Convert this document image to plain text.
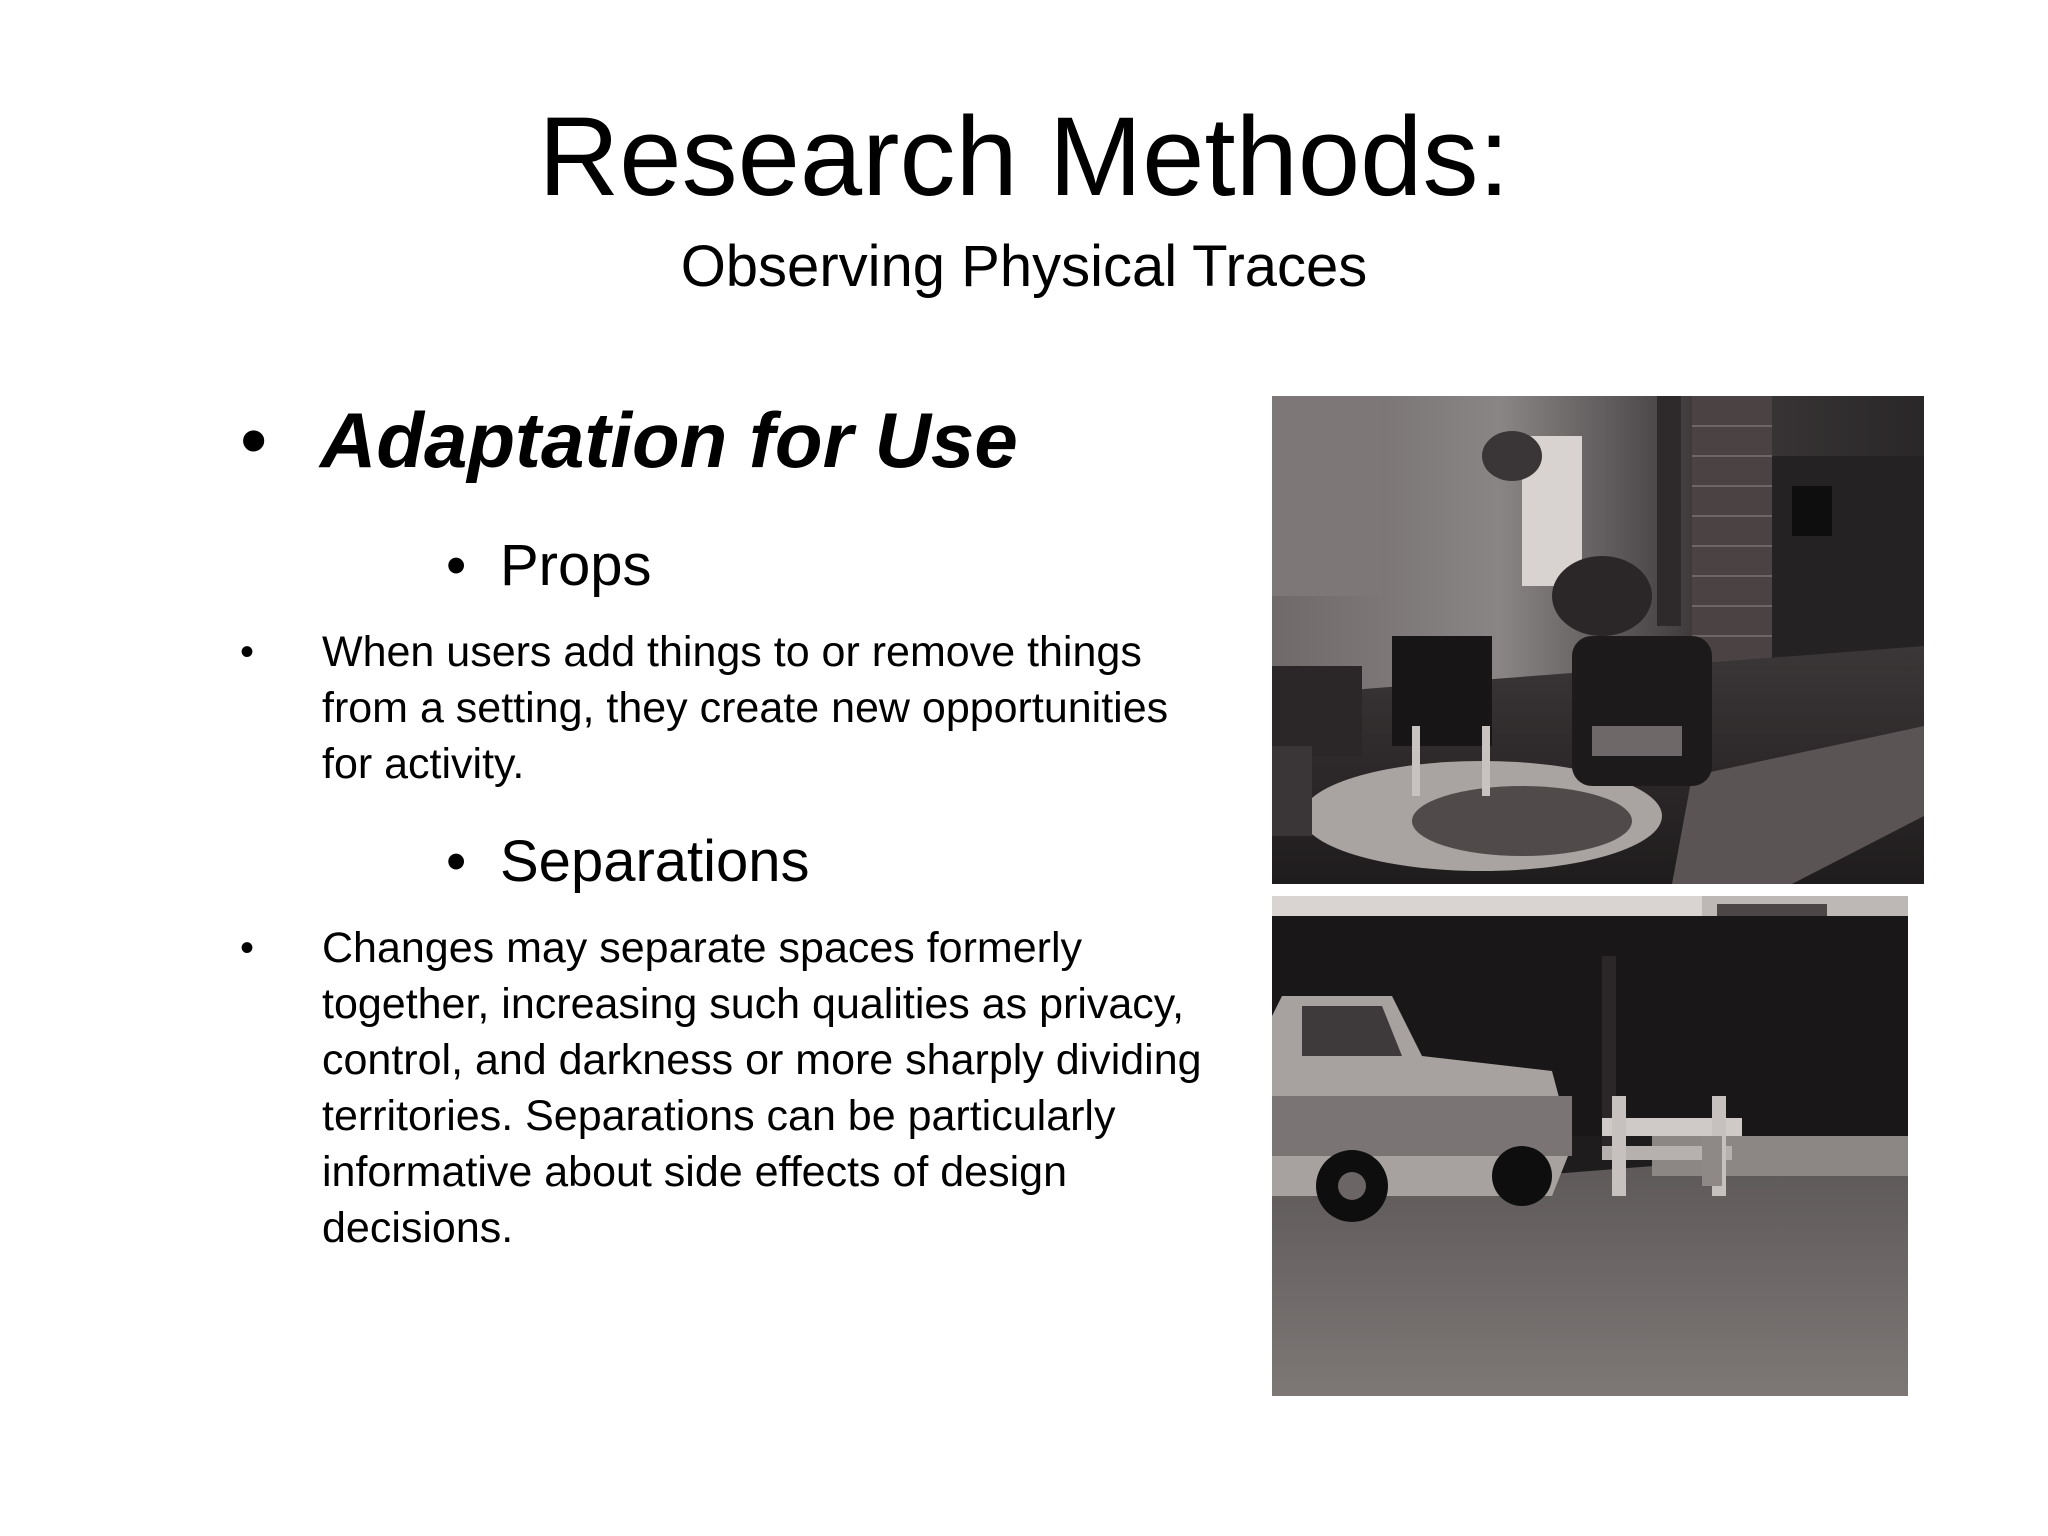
Research Methods:
Observing Physical Traces
• Adaptation for Use
• Props
• When users add things to or remove things from a setting, they create new opportunities for activity.
• Separations
• Changes may separate spaces formerly together, increasing such qualities as privacy, control, and darkness or more sharply dividing territories. Separations can be particularly informative about side effects of design decisions.
